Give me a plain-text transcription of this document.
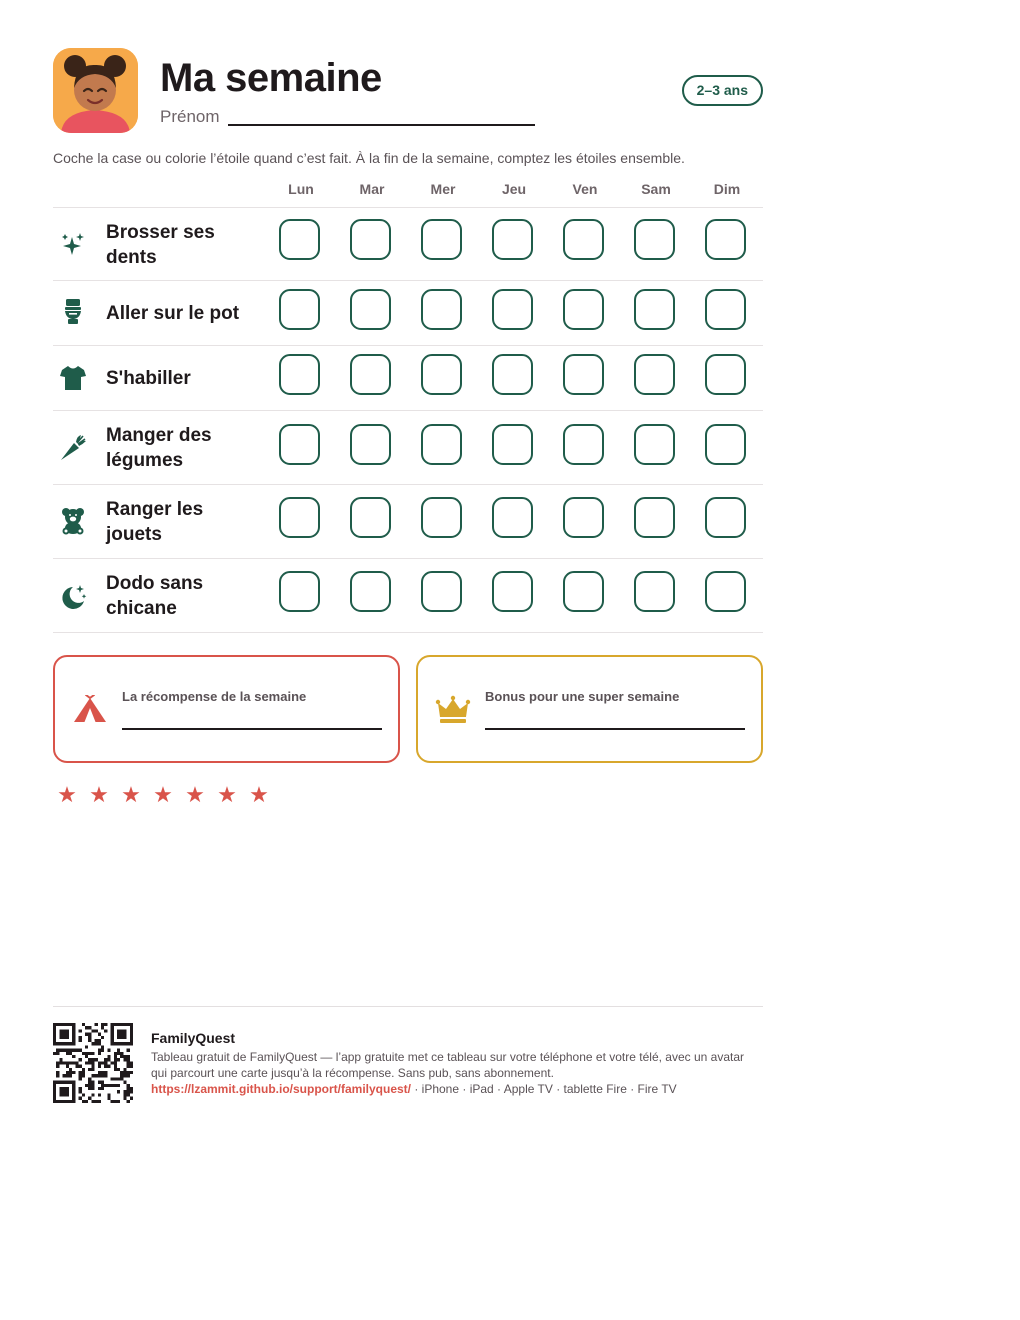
Ma semaine
Prénom
2–3 ans

Coche la case ou colorie l’étoile quand c’est fait. À la fin de la semaine, comptez les étoiles ensemble.

Lun	Mar	Mer	Jeu	Ven	Sam	Dim
Brosser ses dents
Aller sur le pot
S'habiller
Manger des légumes
Ranger les jouets
Dodo sans chicane
La récompense de la semaine	Bonus pour une super semaine
★ ★ ★ ★ ★ ★ ★
FamilyQuest
Tableau gratuit de FamilyQuest — l’app gratuite met ce tableau sur votre téléphone et votre télé, avec un avatar qui parcourt une carte jusqu’à la récompense. Sans pub, sans abonnement.
https://lzammit.github.io/support/familyquest/ · iPhone · iPad · Apple TV · tablette Fire · Fire TV
